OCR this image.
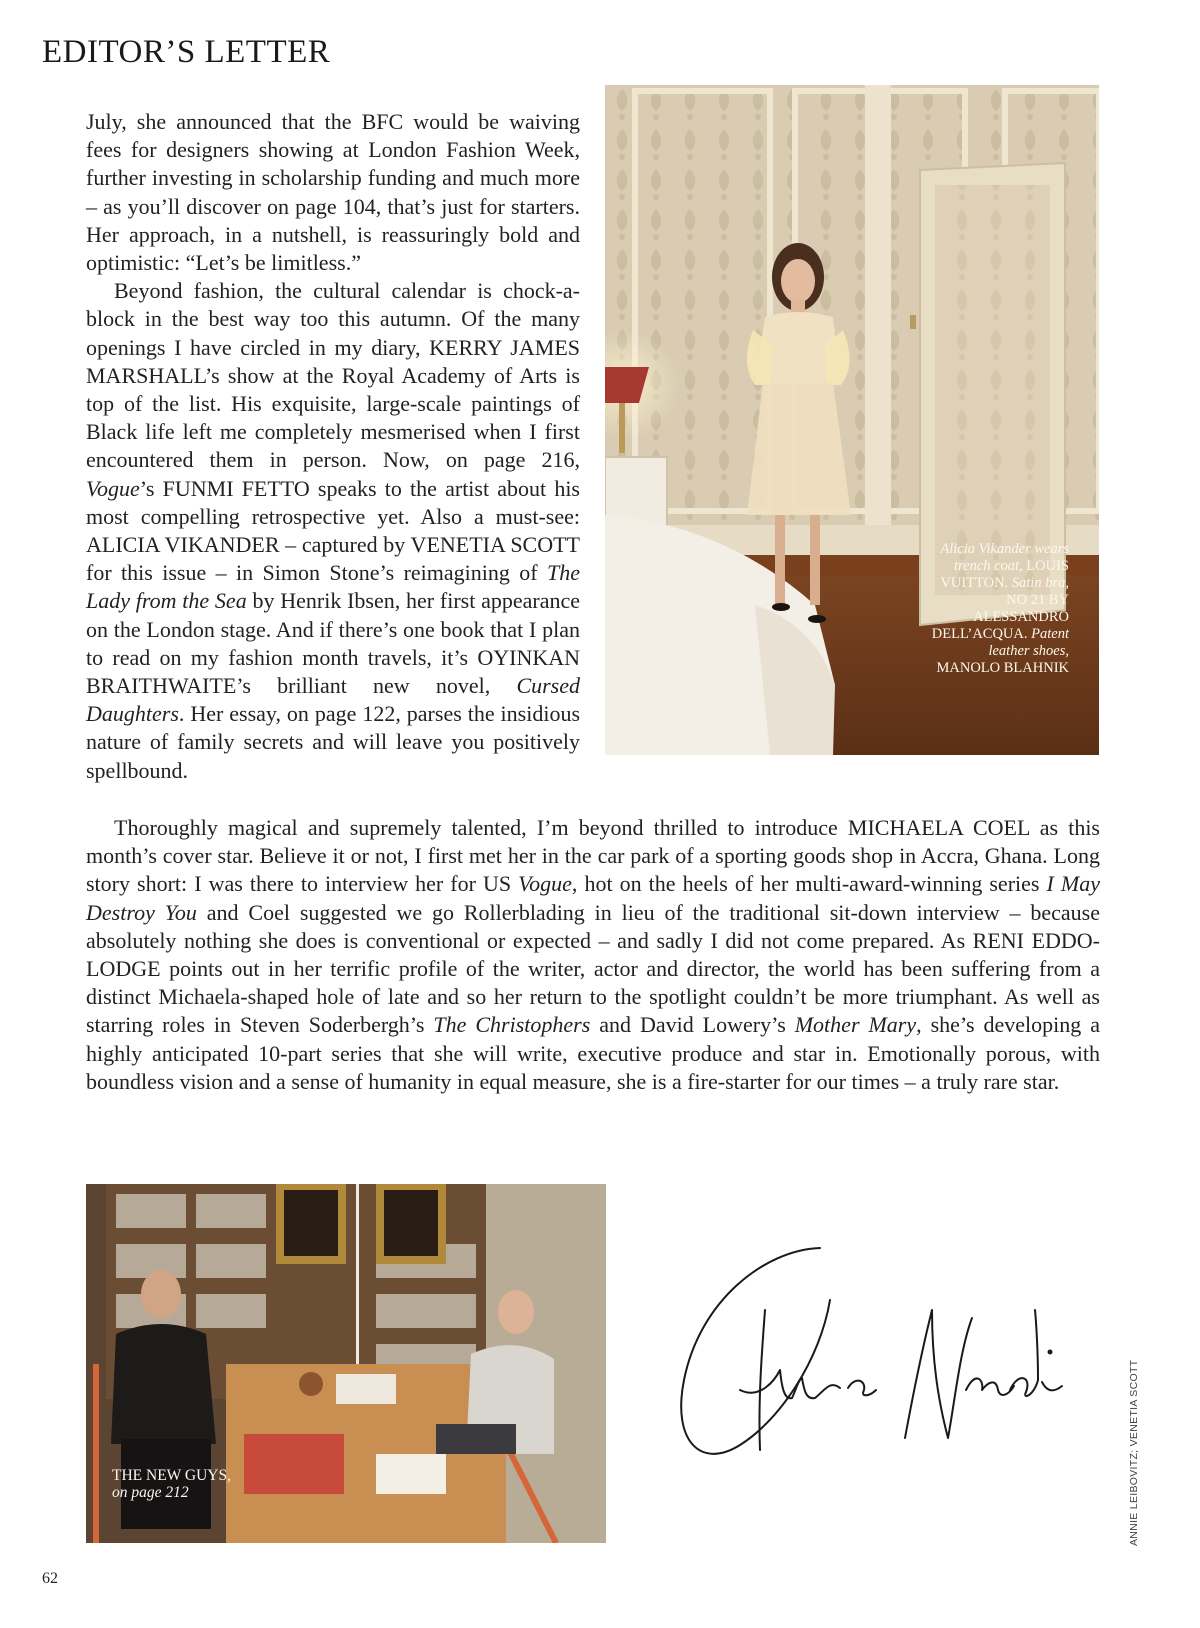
EDITOR’S LETTER
Alicia Vikander wears trench coat, LOUIS VUITTON. Satin bra, NO 21 BY ALESSANDRO DELL’ACQUA. Patent leather shoes, MANOLO BLAHNIK

July, she announced that the BFC would be waiving fees for designers showing at London Fashion Week, further investing in scholarship funding and much more – as you’ll discover on page 104, that’s just for starters. Her approach, in a nutshell, is reassuringly bold and optimistic: “Let’s be limitless.”

Beyond fashion, the cultural calendar is chock-a-block in the best way too this autumn. Of the many openings I have circled in my diary, KERRY JAMES MARSHALL’s show at the Royal Academy of Arts is top of the list. His exquisite, large-scale paintings of Black life left me completely mesmerised when I first encountered them in person. Now, on page 216, Vogue’s FUNMI FETTO speaks to the artist about his most compelling retrospective yet. Also a must-see: ALICIA VIKANDER – captured by VENETIA SCOTT for this issue – in Simon Stone’s reimagining of The Lady from the Sea by Henrik Ibsen, her first appearance on the London stage. And if there’s one book that I plan to read on my fashion month travels, it’s OYINKAN BRAITHWAITE’s brilliant new novel, Cursed Daughters. Her essay, on page 122, parses the insidious nature of family secrets and will leave you positively spellbound.

Thoroughly magical and supremely talented, I’m beyond thrilled to introduce MICHAELA COEL as this month’s cover star. Believe it or not, I first met her in the car park of a sporting goods shop in Accra, Ghana. Long story short: I was there to interview her for US Vogue, hot on the heels of her multi-award-winning series I May Destroy You and Coel suggested we go Rollerblading in lieu of the traditional sit-down interview – because absolutely nothing she does is conventional or expected – and sadly I did not come prepared. As RENI EDDO-LODGE points out in her terrific profile of the writer, actor and director, the world has been suffering from a distinct Michaela-shaped hole of late and so her return to the spotlight couldn’t be more triumphant. As well as starring roles in Steven Soderbergh’s The Christophers and David Lowery’s Mother Mary, she’s developing a highly anticipated 10-part series that she will write, executive produce and star in. Emotionally porous, with boundless vision and a sense of humanity in equal measure, she is a fire-starter for our times – a truly rare star.

THE NEW GUYS, on page 212	ANNIE LEIBOVITZ; VENETIA SCOTT
62
